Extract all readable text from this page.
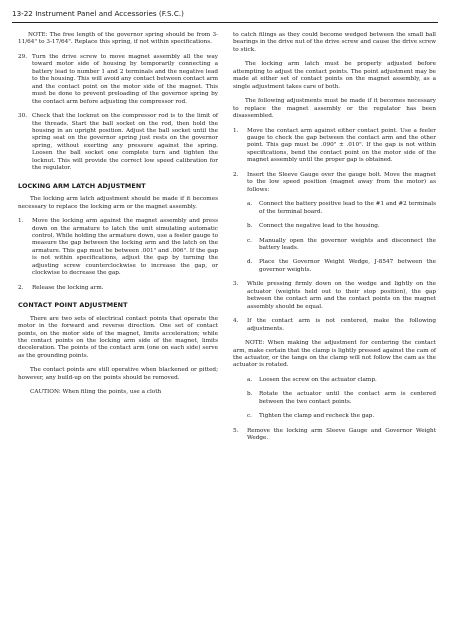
13-22 Instrument Panel and Accessories (F.S.C.)

NOTE: The free length of the governor spring should be from 3-11/64" to 3-17/64". Replace this spring, if not within specifications.

29. Turn the drive screw to move magnet assembly all the way toward motor side of housing by temporarily connecting a battery lead to number 1 and 2 terminals and the negative lead to the housing. This will avoid any contact between contact arm and the contact point on the motor side of the magnet. This must be done to prevent preloading of the governor spring by the contact arm before adjusting the compressor rod.
30. Check that the locknut on the compressor rod is to the limit of the threads. Start the ball socket on the rod, then hold the housing in an upright position. Adjust the ball socket until the spring seat on the governor spring just rests on the governor spring, without exerting any pressure against the spring. Loosen the ball socket one complete turn and tighten the locknut. This will provide the correct low speed calibration for the regulator.
LOCKING ARM LATCH ADJUSTMENT

The locking arm latch adjustment should be made if it becomes necessary to replace the locking arm or the magnet assembly.

1. Move the locking arm against the magnet assembly and press down on the armature to latch the unit simulating automatic control. While holding the armature down, use a feeler gauge to measure the gap between the locking arm and the latch on the armature. This gap must be between .001" and .006". If the gap is not within specifications, adjust the gap by turning the adjusting screw counterclockwise to increase the gap, or clockwise to decrease the gap.
2. Release the locking arm.
CONTACT POINT ADJUSTMENT

There are two sets of electrical contact points that operate the motor in the forward and reverse direction. One set of contact points, on the motor side of the magnet, limits acceleration; while the contact points on the locking arm side of the magnet, limits deceleration. The points of the contact arm (one on each side) serve as the grounding points.

The contact points are still operative when blackened or pitted; however, any build-up on the points should be removed.

CAUTION: When filing the points, use a cloth

to catch filings as they could become wedged between the small ball bearings in the drive nut of the drive screw and cause the drive screw to stick.

The locking arm latch must be properly adjusted before attempting to adjust the contact points. The point adjustment may be made at either set of contact points on the magnet assembly, as a single adjustment takes care of both.

The following adjustments must be made if it becomes necessary to replace the magnet assembly or the regulator has been disassembled.

1. Move the contact arm against either contact point. Use a feeler gauge to check the gap between the contact arm and the other point. This gap must be .090" ± .010". If the gap is not within specifications, bend the contact point on the motor side of the magnet assembly until the proper gap is obtained.
2. Insert the Sleeve Gauge over the gauge bolt. Move the magnet to the low speed position (magnet away from the motor) as follows:
a. Connect the battery positive lead to the #1 and #2 terminals of the terminal board.
b. Connect the negative lead to the housing.
c. Manually open the governor weights and disconnect the battery leads.
d. Place the Governor Weight Wedge, J-8547 between the governor weights.
3. While pressing firmly down on the wedge and lightly on the actuator (weights held out to their stop position), the gap between the contact arm and the contact points on the magnet assembly should be equal.
4. If the contact arm is not centered, make the following adjustments.

NOTE: When making the adjustment for centering the contact arm, make certain that the clamp is lightly pressed against the cam of the actuator, or the tangs on the clamp will not follow the cam as the actuator is rotated.

a. Loosen the screw on the actuator clamp.
b. Rotate the actuator until the contact arm is centered between the two contact points.
c. Tighten the clamp and recheck the gap.
5. Remove the locking arm Sleeve Gauge and Governor Weight Wedge.
